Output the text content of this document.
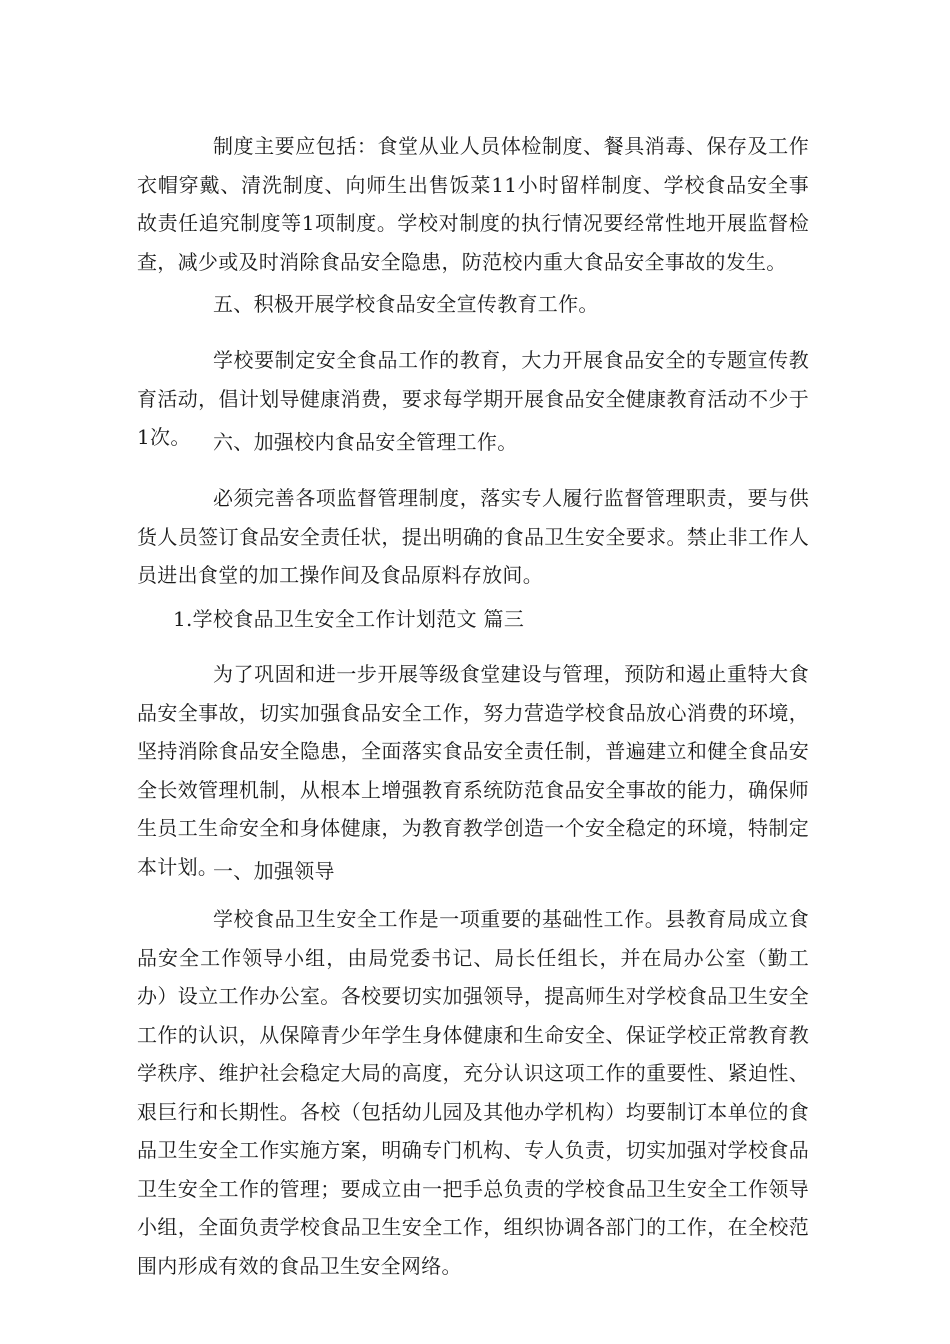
制度主要应包括：食堂从业人员体检制度、餐具消毒、保存及工作衣帽穿戴、清洗制度、向师生出售饭菜11小时留样制度、学校食品安全事故责任追究制度等1项制度。学校对制度的执行情况要经常性地开展监督检查，减少或及时消除食品安全隐患，防范校内重大食品安全事故的发生。

五、积极开展学校食品安全宣传教育工作。

学校要制定安全食品工作的教育，大力开展食品安全的专题宣传教育活动，倡计划导健康消费，要求每学期开展食品安全健康教育活动不少于1次。	六、加强校内食品安全管理工作。

必须完善各项监督管理制度，落实专人履行监督管理职责，要与供货人员签订食品安全责任状，提出明确的食品卫生安全要求。禁止非工作人员进出食堂的加工操作间及食品原料存放间。

1.学校食品卫生安全工作计划范文 篇三

为了巩固和进一步开展等级食堂建设与管理，预防和遏止重特大食品安全事故，切实加强食品安全工作，努力营造学校食品放心消费的环境，坚持消除食品安全隐患，全面落实食品安全责任制，普遍建立和健全食品安全长效管理机制，从根本上增强教育系统防范食品安全事故的能力，确保师生员工生命安全和身体健康，为教育教学创造一个安全稳定的环境，特制定本计划。

一、加强领导

学校食品卫生安全工作是一项重要的基础性工作。县教育局成立食品安全工作领导小组，由局党委书记、局长任组长，并在局办公室（勤工办）设立工作办公室。各校要切实加强领导，提高师生对学校食品卫生安全工作的认识，从保障青少年学生身体健康和生命安全、保证学校正常教育教学秩序、维护社会稳定大局的高度，充分认识这项工作的重要性、紧迫性、艰巨行和长期性。各校（包括幼儿园及其他办学机构）均要制订本单位的食品卫生安全工作实施方案，明确专门机构、专人负责，切实加强对学校食品卫生安全工作的管理；要成立由一把手总负责的学校食品卫生安全工作领导小组，全面负责学校食品卫生安全工作，组织协调各部门的工作，在全校范围内形成有效的食品卫生安全网络。
